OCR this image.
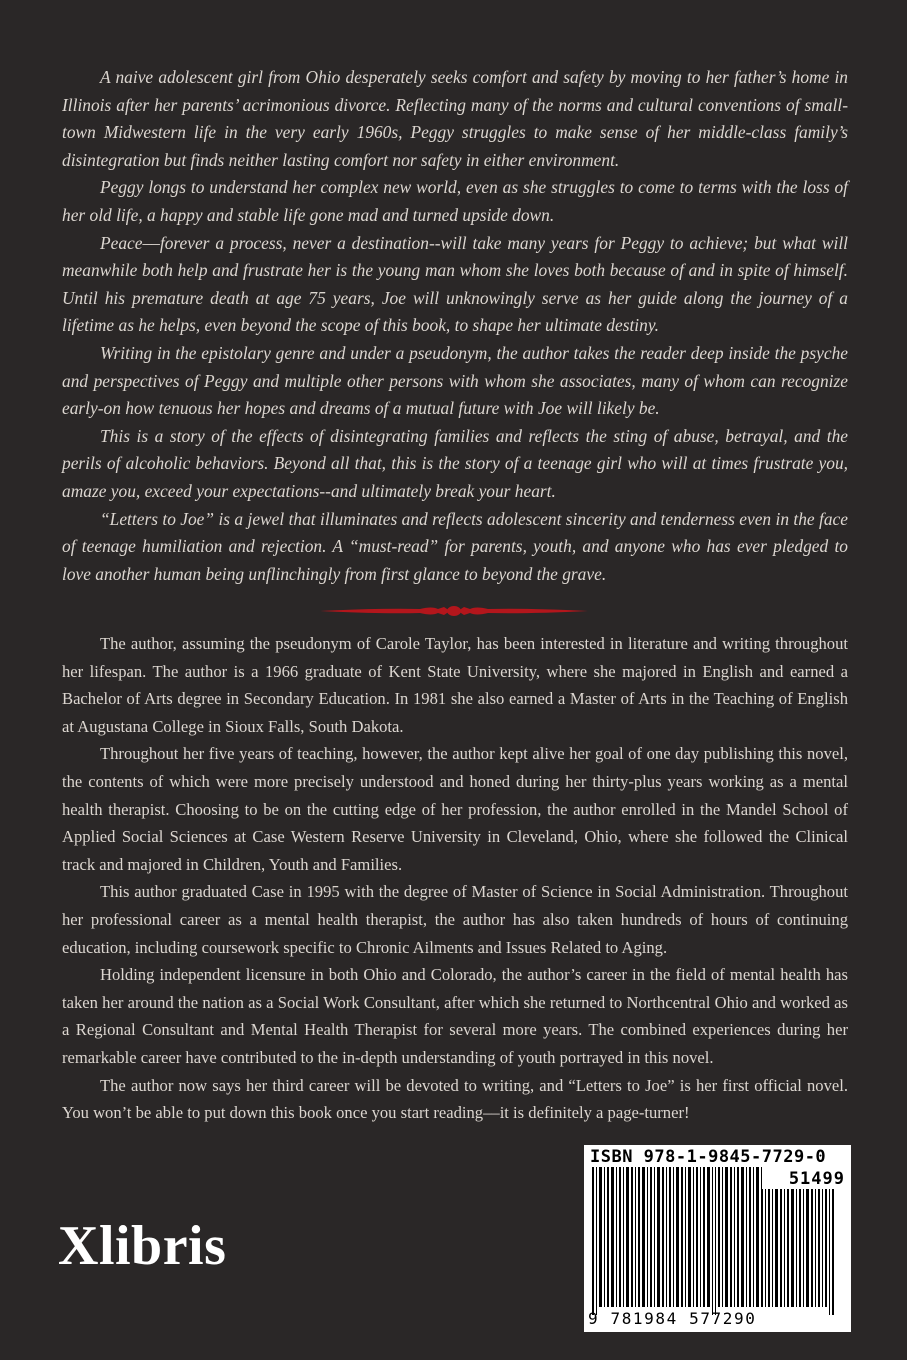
A naive adolescent girl from Ohio desperately seeks comfort and safety by moving to her father’s home in Illinois after her parents’ acrimonious divorce. Reflecting many of the norms and cultural conventions of small-town Midwestern life in the very early 1960s, Peggy struggles to make sense of her middle-class family’s disintegration but finds neither lasting comfort nor safety in either environment.

Peggy longs to understand her complex new world, even as she struggles to come to terms with the loss of her old life, a happy and stable life gone mad and turned upside down.

Peace––forever a process, never a destination--will take many years for Peggy to achieve; but what will meanwhile both help and frustrate her is the young man whom she loves both because of and in spite of himself. Until his premature death at age 75 years, Joe will unknowingly serve as her guide along the journey of a lifetime as he helps, even beyond the scope of this book, to shape her ultimate destiny.

Writing in the epistolary genre and under a pseudonym, the author takes the reader deep inside the psyche and perspectives of Peggy and multiple other persons with whom she associates, many of whom can recognize early-on how tenuous her hopes and dreams of a mutual future with Joe will likely be.

This is a story of the effects of disintegrating families and reflects the sting of abuse, betrayal, and the perils of alcoholic behaviors. Beyond all that, this is the story of a teenage girl who will at times frustrate you, amaze you, exceed your expectations--and ultimately break your heart.

“Letters to Joe” is a jewel that illuminates and reflects adolescent sincerity and tenderness even in the face of teenage humiliation and rejection. A “must-read” for parents, youth, and anyone who has ever pledged to love another human being unflinchingly from first glance to beyond the grave.

The author, assuming the pseudonym of Carole Taylor, has been interested in literature and writing throughout her lifespan. The author is a 1966 graduate of Kent State University, where she majored in English and earned a Bachelor of Arts degree in Secondary Education. In 1981 she also earned a Master of Arts in the Teaching of English at Augustana College in Sioux Falls, South Dakota.

Throughout her five years of teaching, however, the author kept alive her goal of one day publishing this novel, the contents of which were more precisely understood and honed during her thirty-plus years working as a mental health therapist. Choosing to be on the cutting edge of her profession, the author enrolled in the Mandel School of Applied Social Sciences at Case Western Reserve University in Cleveland, Ohio, where she followed the Clinical track and majored in Children, Youth and Families.

This author graduated Case in 1995 with the degree of Master of Science in Social Administration. Throughout her professional career as a mental health therapist, the author has also taken hundreds of hours of continuing education, including coursework specific to Chronic Ailments and Issues Related to Aging.

Holding independent licensure in both Ohio and Colorado, the author’s career in the field of mental health has taken her around the nation as a Social Work Consultant, after which she returned to Northcentral Ohio and worked as a Regional Consultant and Mental Health Therapist for several more years. The combined experiences during her remarkable career have contributed to the in-depth understanding of youth portrayed in this novel.

The author now says her third career will be devoted to writing, and “Letters to Joe” is her first official novel. You won’t be able to put down this book once you start reading––it is definitely a page-turner!

Xlibris
ISBN 978-1-9845-7729-0
51499
9 781984 577290
